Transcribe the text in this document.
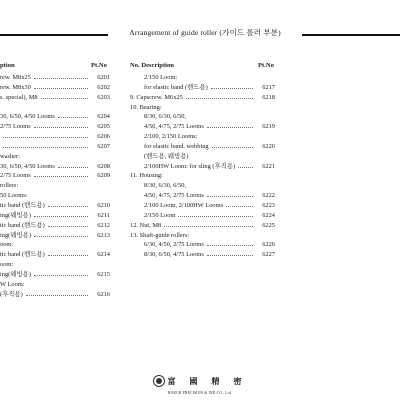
Arrangement of guide roller (가이드 롤러 부분)
ption	Pt.No	No. Description	Pt.No
rew. M8x25	6201
rew. M8x30	6202
s. special), M8	6203
30, 6/50, 4/50 Looms	6204
2/75 Looms	6205
6206
6207
washer:
30, 6/50, 4/50 Looms	6208
2/75 Looms	6209
rollers:
50 Looms:
tic band (밴드용)	6210
ing(웨빙용)	6211
tic band (밴드용)	6212
ing(웨빙용)	6213
oom:
tic band (밴드용)	6214
oom:
ing(웨빙용)	6215
W Loom:
(후직용)	6216
2/150 Loom:
for elastic band (밴드용)	6217
9. Capscrew. M6x25	6218
10. Bearing:
8/30, 6/30, 6/50,
4/50, 4/75, 2/75 Looms	6219
2/100, 2/150 Looms:
for elastic band. webbing	6220
(밴드용, 웨빙용)
2/100HW Loom: for sling (후직용)	6221
11. Housing:
8/30, 6/30, 6/50,
4/50, 4/75, 2/75 Looms	6222
2/100 Loom, 2/100HW Looms	6223
2/150 Loom	6224
12. Nut, M8	6225
13. Shaft-guide rollers:
6/30, 4/50, 2/75 Looms	6226
8/30, 6/50, 4/75 Looms	6227
富 國 精 密
BOKUK PRECISION & IND.CO., Ltd.
